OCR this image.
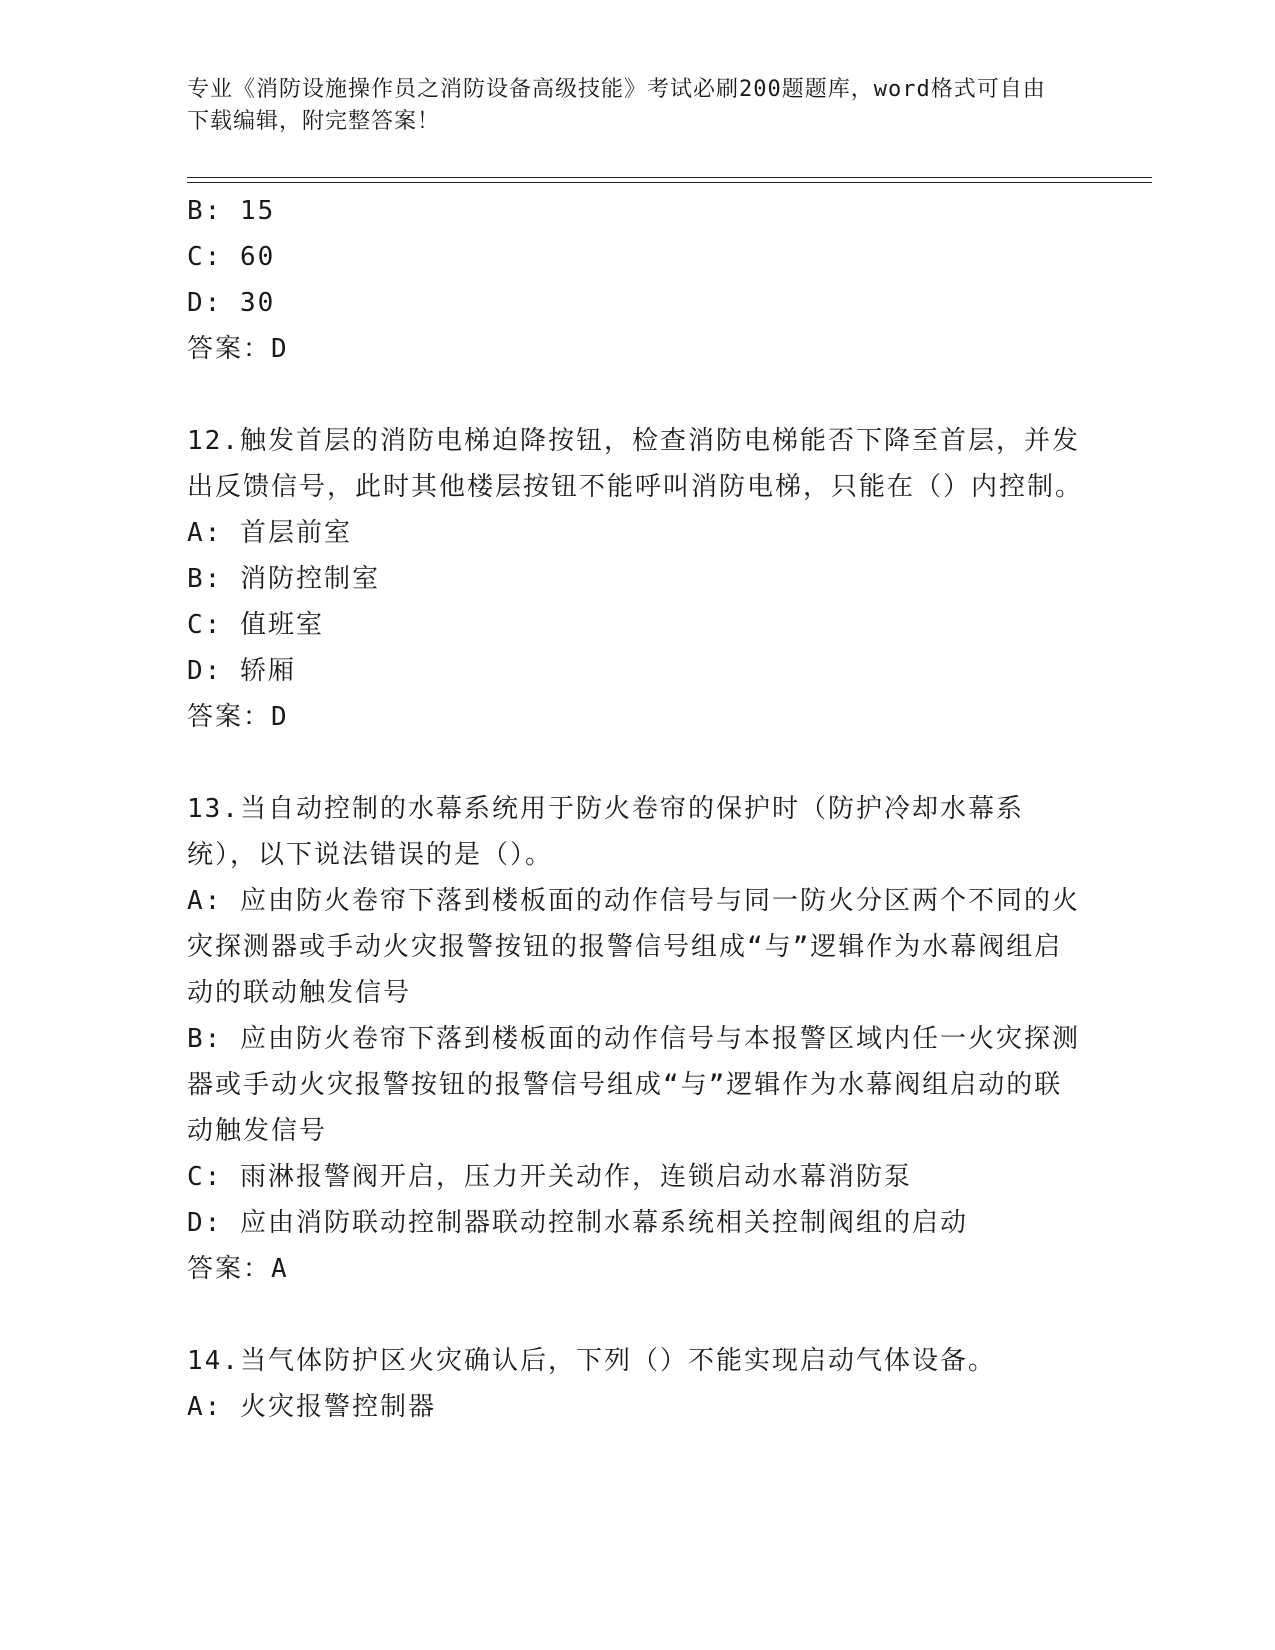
专业《消防设施操作员之消防设备高级技能》考试必刷200题题库，word格式可自由下载编辑，附完整答案！

B: 15

C: 60

D: 30

答案：D

12.触发首层的消防电梯迫降按钮，检查消防电梯能否下降至首层，并发出反馈信号，此时其他楼层按钮不能呼叫消防电梯，只能在（）内控制。

A: 首层前室

B: 消防控制室

C: 值班室

D: 轿厢

答案：D

13.当自动控制的水幕系统用于防火卷帘的保护时（防护冷却水幕系统），以下说法错误的是（）。

A: 应由防火卷帘下落到楼板面的动作信号与同一防火分区两个不同的火灾探测器或手动火灾报警按钮的报警信号组成“与”逻辑作为水幕阀组启动的联动触发信号

B: 应由防火卷帘下落到楼板面的动作信号与本报警区域内任一火灾探测器或手动火灾报警按钮的报警信号组成“与”逻辑作为水幕阀组启动的联动触发信号

C: 雨淋报警阀开启，压力开关动作，连锁启动水幕消防泵

D: 应由消防联动控制器联动控制水幕系统相关控制阀组的启动

答案：A

14.当气体防护区火灾确认后，下列（）不能实现启动气体设备。

A: 火灾报警控制器
